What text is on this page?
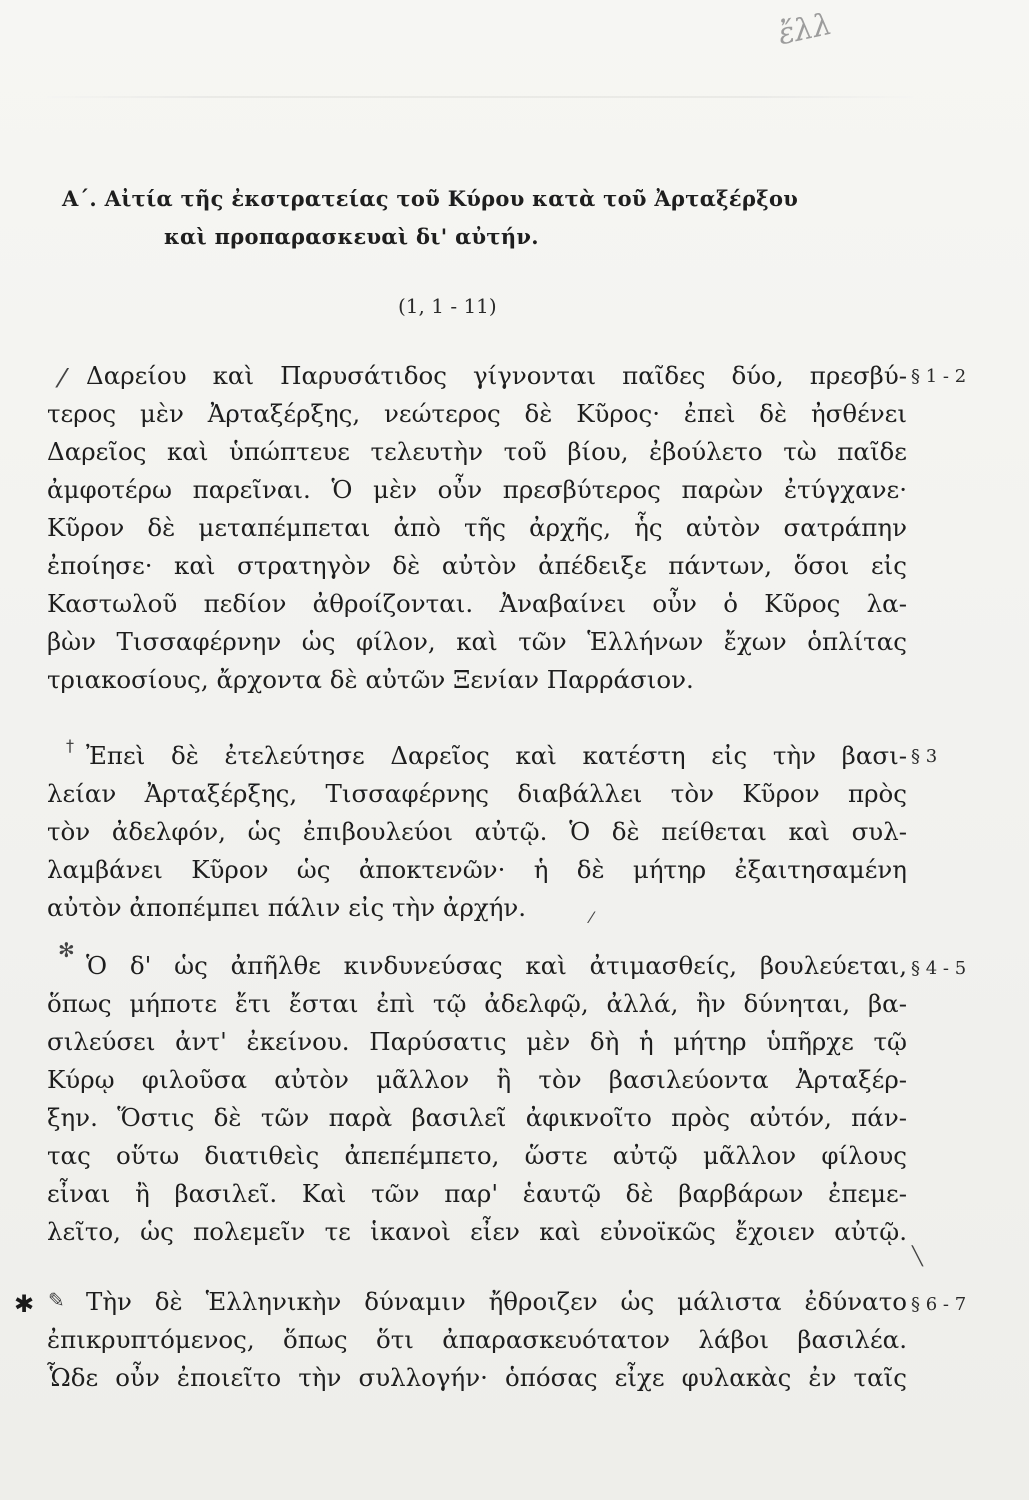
ἔλλ
Α΄. Αἰτία τῆς ἐκστρατείας τοῦ Κύρου κατὰ τοῦ Ἀρταξέρξου
καὶ προπαρασκευαὶ δι' αὐτήν.
(1, 1 - 11)
⁄
†
⁄
✻
╲
✱ ✎
§ 1 - 2
§ 3
§ 4 - 5
§ 6 - 7
Δαρείου καὶ Παρυσάτιδος γίγνονται παῖδες δύο, πρεσβύ-
τερος μὲν Ἀρταξέρξης, νεώτερος δὲ Κῦρος· ἐπεὶ δὲ ἠσθένει
Δαρεῖος καὶ ὑπώπτευε τελευτὴν τοῦ βίου, ἐβούλετο τὼ παῖδε
ἀμφοτέρω παρεῖναι. Ὁ μὲν οὖν πρεσβύτερος παρὼν ἐτύγχανε·
Κῦρον δὲ μεταπέμπεται ἀπὸ τῆς ἀρχῆς, ἧς αὐτὸν σατράπην
ἐποίησε· καὶ στρατηγὸν δὲ αὐτὸν ἀπέδειξε πάντων, ὅσοι εἰς
Καστωλοῦ πεδίον ἀθροίζονται. Ἀναβαίνει οὖν ὁ Κῦρος λα-
βὼν Τισσαφέρνην ὡς φίλον, καὶ τῶν Ἑλλήνων ἔχων ὁπλίτας
τριακοσίους, ἄρχοντα δὲ αὐτῶν Ξενίαν Παρράσιον.
Ἐπεὶ δὲ ἐτελεύτησε Δαρεῖος καὶ κατέστη εἰς τὴν βασι-
λείαν Ἀρταξέρξης, Τισσαφέρνης διαβάλλει τὸν Κῦρον πρὸς
τὸν ἀδελφόν, ὡς ἐπιβουλεύοι αὐτῷ. Ὁ δὲ πείθεται καὶ συλ-
λαμβάνει Κῦρον ὡς ἀποκτενῶν· ἡ δὲ μήτηρ ἐξαιτησαμένη
αὐτὸν ἀποπέμπει πάλιν εἰς τὴν ἀρχήν.
Ὁ δ' ὡς ἀπῆλθε κινδυνεύσας καὶ ἀτιμασθείς, βουλεύεται,
ὅπως μήποτε ἔτι ἔσται ἐπὶ τῷ ἀδελφῷ, ἀλλά, ἢν δύνηται, βα-
σιλεύσει ἀντ' ἐκείνου. Παρύσατις μὲν δὴ ἡ μήτηρ ὑπῆρχε τῷ
Κύρῳ φιλοῦσα αὐτὸν μᾶλλον ἢ τὸν βασιλεύοντα Ἀρταξέρ-
ξην. Ὅστις δὲ τῶν παρὰ βασιλεῖ ἀφικνοῖτο πρὸς αὐτόν, πάν-
τας οὕτω διατιθεὶς ἀπεπέμπετο, ὥστε αὐτῷ μᾶλλον φίλους
εἶναι ἢ βασιλεῖ. Καὶ τῶν παρ' ἑαυτῷ δὲ βαρβάρων ἐπεμε-
λεῖτο, ὡς πολεμεῖν τε ἱκανοὶ εἶεν καὶ εὐνοϊκῶς ἔχοιεν αὐτῷ.
Τὴν δὲ Ἑλληνικὴν δύναμιν ἤθροιζεν ὡς μάλιστα ἐδύνατο
ἐπικρυπτόμενος, ὅπως ὅτι ἀπαρασκευότατον λάβοι βασιλέα.
Ὧδε οὖν ἐποιεῖτο τὴν συλλογήν· ὁπόσας εἶχε φυλακὰς ἐν ταῖς
